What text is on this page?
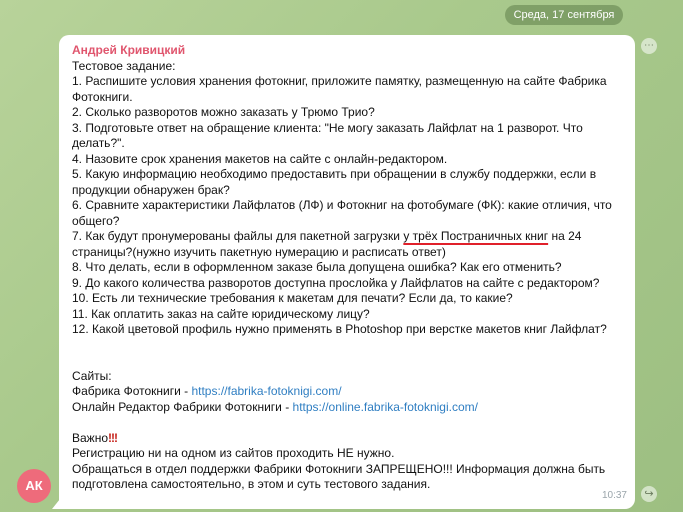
Среда, 17 сентября
Андрей Кривицкий
Тестовое задание:
1. Распишите условия хранения фотокниг, приложите памятку, размещенную на сайте Фабрика
Фотокниги.
2. Сколько разворотов можно заказать у Трюмо Трио?
3. Подготовьте ответ на обращение клиента: "Не могу заказать Лайфлат на 1 разворот. Что
делать?".
4. Назовите срок хранения макетов на сайте с онлайн-редактором.
5. Какую информацию необходимо предоставить при обращении в службу поддержки, если в
продукции обнаружен брак?
6. Сравните характеристики Лайфлатов (ЛФ) и Фотокниг на фотобумаге (ФК): какие отличия, что
общего?
7. Как будут пронумерованы файлы для пакетной загрузки у трёх Постраничных книг на 24
страницы?(нужно изучить пакетную нумерацию и расписать ответ)
8. Что делать, если в оформленном заказе была допущена ошибка? Как его отменить?
9. До какого количества разворотов доступна прослойка у Лайфлатов на сайте с редактором?
10. Есть ли технические требования к макетам для печати? Если да, то какие?
11. Как оплатить заказ на сайте юридическому лицу?
12. Какой цветовой профиль нужно применять в Photoshop при верстке макетов книг Лайфлат?
Сайты:
Фабрика Фотокниги - https://fabrika-fotoknigi.com/
Онлайн Редактор Фабрики Фотокниги - https://online.fabrika-fotoknigi.com/
Важно!!!
Регистрацию ни на одном из сайтов проходить НЕ нужно.
Обращаться в отдел поддержки Фабрики Фотокниги ЗАПРЕЩЕНО!!! Информация должна быть
подготовлена самостоятельно, в этом и суть тестового задания.
10:37
АК
⋯
↪
